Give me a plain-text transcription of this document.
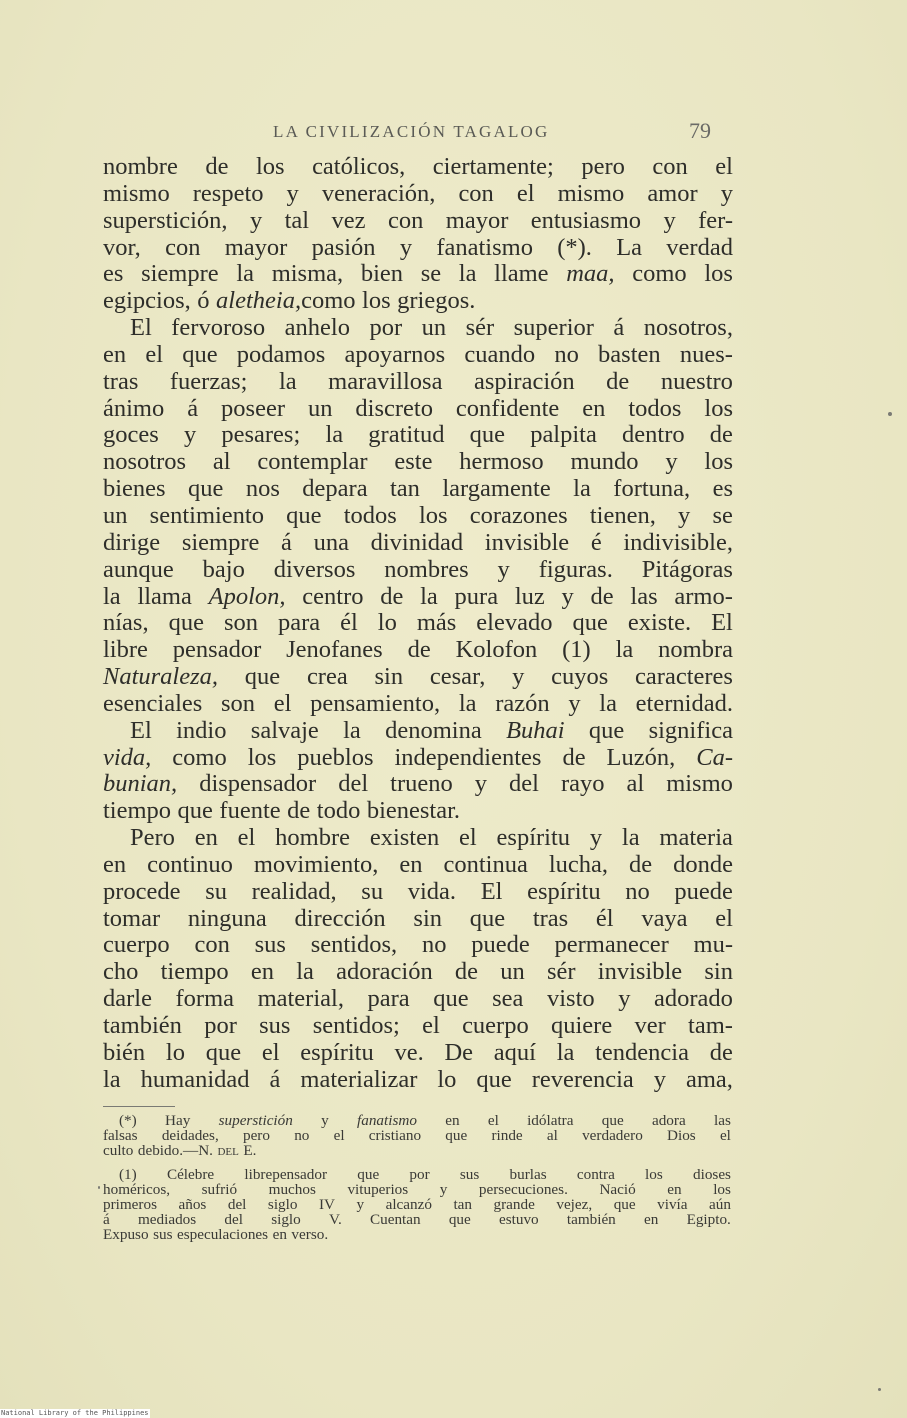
LA CIVILIZACIÓN TAGALOG	79
nombre de los católicos, ciertamente; pero con el
mismo respeto y veneración, con el mismo amor y
superstición, y tal vez con mayor entusiasmo y fer-
vor, con mayor pasión y fanatismo (*). La verdad
es siempre la misma, bien se la llame maa, como los
egipcios, ó aletheia, como los griegos.
El fervoroso anhelo por un sér superior á nosotros,
en el que podamos apoyarnos cuando no basten nues-
tras fuerzas; la maravillosa aspiración de nuestro
ánimo á poseer un discreto confidente en todos los
goces y pesares; la gratitud que palpita dentro de
nosotros al contemplar este hermoso mundo y los
bienes que nos depara tan largamente la fortuna, es
un sentimiento que todos los corazones tienen, y se
dirige siempre á una divinidad invisible é indivisible,
aunque bajo diversos nombres y figuras. Pitágoras
la llama Apolon, centro de la pura luz y de las armo-
nías, que son para él lo más elevado que existe. El
libre pensador Jenofanes de Kolofon (1) la nombra
Naturaleza, que crea sin cesar, y cuyos caracteres
esenciales son el pensamiento, la razón y la eternidad.
El indio salvaje la denomina Buhai que significa
vida, como los pueblos independientes de Luzón, Ca-
bunian, dispensador del trueno y del rayo al mismo
tiempo que fuente de todo bienestar.
Pero en el hombre existen el espíritu y la materia
en continuo movimiento, en continua lucha, de donde
procede su realidad, su vida. El espíritu no puede
tomar ninguna dirección sin que tras él vaya el
cuerpo con sus sentidos, no puede permanecer mu-
cho tiempo en la adoración de un sér invisible sin
darle forma material, para que sea visto y adorado
también por sus sentidos; el cuerpo quiere ver tam-
bién lo que el espíritu ve. De aquí la tendencia de
la humanidad á materializar lo que reverencia y ama,
(*) Hay superstición y fanatismo en el idólatra que adora las
falsas deidades, pero no el cristiano que rinde al verdadero Dios el
culto debido.—N. del E.
(1) Célebre librepensador que por sus burlas contra los dioses
homéricos, sufrió muchos vituperios y persecuciones. Nació en los
primeros años del siglo IV y alcanzó tan grande vejez, que vivía aún
á mediados del siglo V. Cuentan que estuvo también en Egipto.
Expuso sus especulaciones en verso.
National Library of the Philippines
